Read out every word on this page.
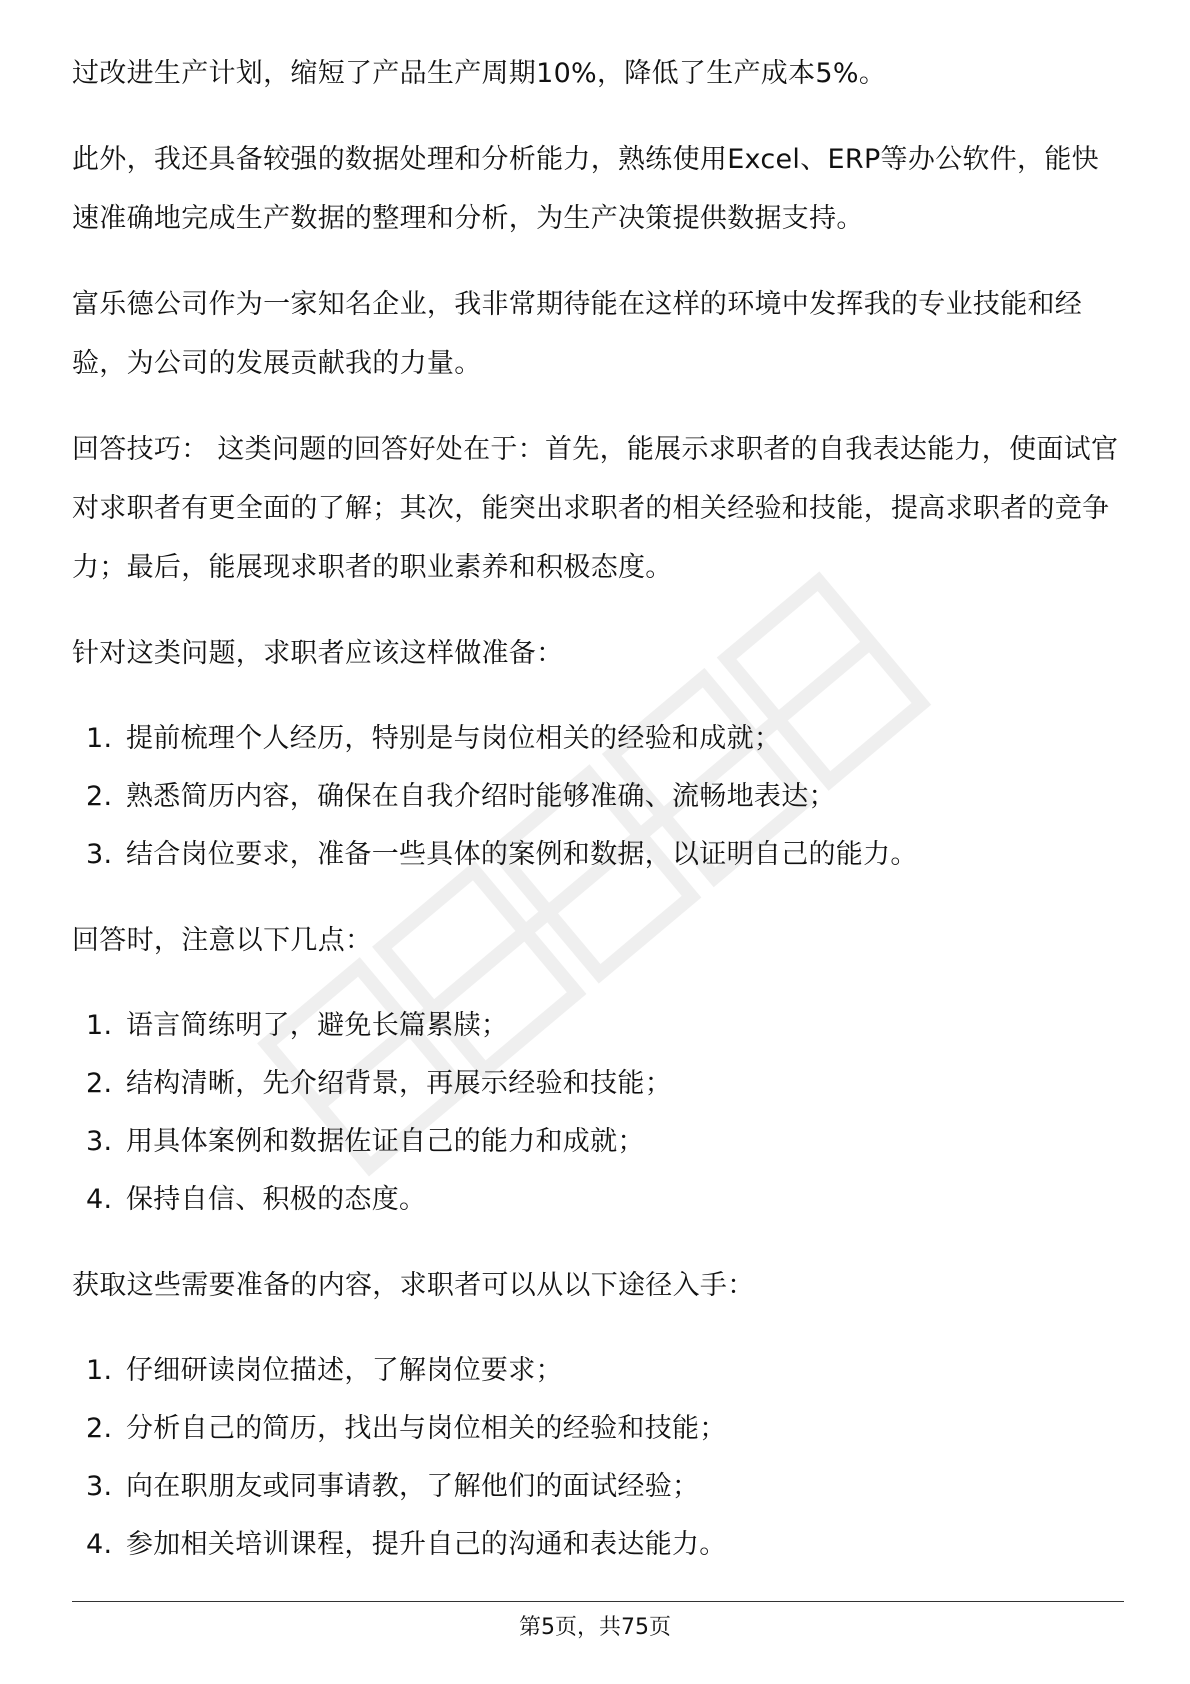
过改进生产计划，缩短了产品生产周期10%，降低了生产成本5%。

此外，我还具备较强的数据处理和分析能力，熟练使用Excel、ERP等办公软件，能快速准确地完成生产数据的整理和分析，为生产决策提供数据支持。

富乐德公司作为一家知名企业，我非常期待能在这样的环境中发挥我的专业技能和经验，为公司的发展贡献我的力量。

回答技巧： 这类问题的回答好处在于：首先，能展示求职者的自我表达能力，使面试官对求职者有更全面的了解；其次，能突出求职者的相关经验和技能，提高求职者的竞争力；最后，能展现求职者的职业素养和积极态度。

针对这类问题，求职者应该这样做准备：

1. 提前梳理个人经历，特别是与岗位相关的经验和成就；
2. 熟悉简历内容，确保在自我介绍时能够准确、流畅地表达；
3. 结合岗位要求，准备一些具体的案例和数据，以证明自己的能力。

回答时，注意以下几点：

1. 语言简练明了，避免长篇累牍；
2. 结构清晰，先介绍背景，再展示经验和技能；
3. 用具体案例和数据佐证自己的能力和成就；
4. 保持自信、积极的态度。

获取这些需要准备的内容，求职者可以从以下途径入手：

1. 仔细研读岗位描述，了解岗位要求；
2. 分析自己的简历，找出与岗位相关的经验和技能；
3. 向在职朋友或同事请教，了解他们的面试经验；
4. 参加相关培训课程，提升自己的沟通和表达能力。
第5页，共75页
